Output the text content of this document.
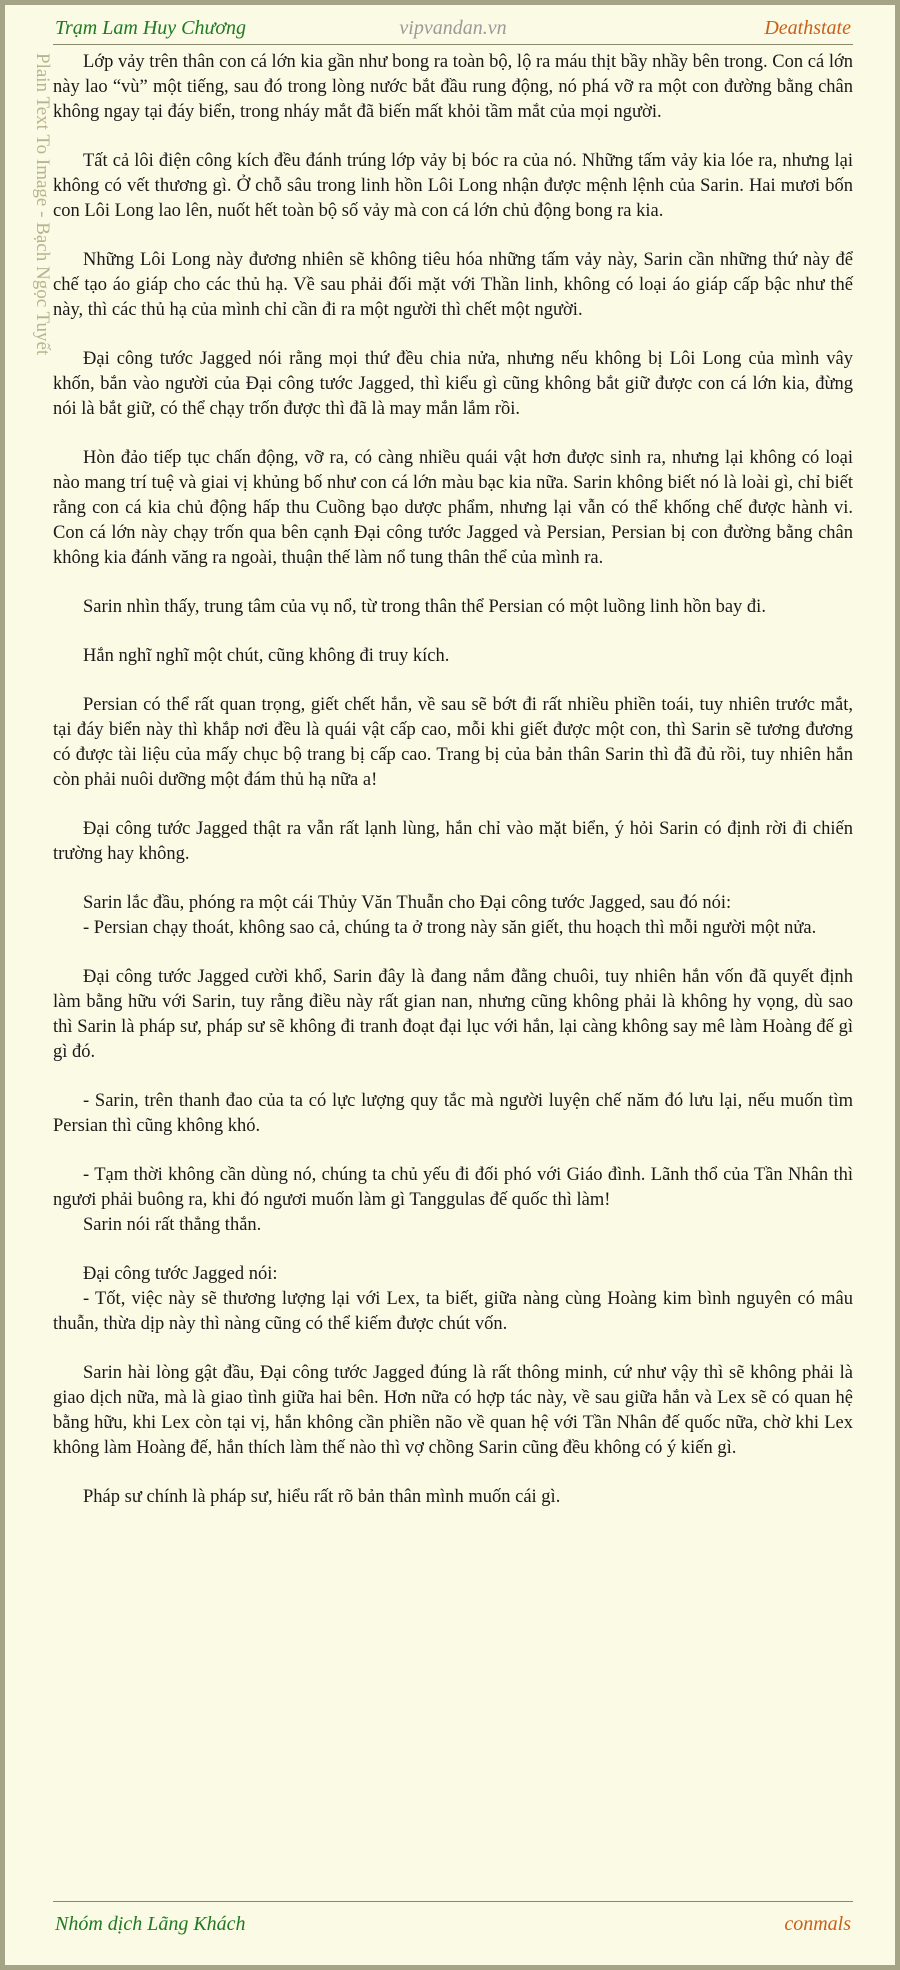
Trạm Lam Huy Chương	vipvandan.vn	Deathstate
Plain Text To Image - Bạch Ngọc Tuyết	Lớp vảy trên thân con cá lớn kia gần như bong ra toàn bộ, lộ ra máu thịt bầy nhầy bên trong. Con cá lớn này lao “vù” một tiếng, sau đó trong lòng nước bắt đầu rung động, nó phá vỡ ra một con đường bằng chân không ngay tại đáy biển, trong nháy mắt đã biến mất khỏi tầm mắt của mọi người.

Tất cả lôi điện công kích đều đánh trúng lớp vảy bị bóc ra của nó. Những tấm vảy kia lóe ra, nhưng lại không có vết thương gì. Ở chỗ sâu trong linh hồn Lôi Long nhận được mệnh lệnh của Sarin. Hai mươi bốn con Lôi Long lao lên, nuốt hết toàn bộ số vảy mà con cá lớn chủ động bong ra kia.

Những Lôi Long này đương nhiên sẽ không tiêu hóa những tấm vảy này, Sarin cần những thứ này để chế tạo áo giáp cho các thủ hạ. Về sau phải đối mặt với Thần linh, không có loại áo giáp cấp bậc như thế này, thì các thủ hạ của mình chỉ cần đi ra một người thì chết một người.

Đại công tước Jagged nói rằng mọi thứ đều chia nửa, nhưng nếu không bị Lôi Long của mình vây khốn, bắn vào người của Đại công tước Jagged, thì kiểu gì cũng không bắt giữ được con cá lớn kia, đừng nói là bắt giữ, có thể chạy trốn được thì đã là may mắn lắm rồi.

Hòn đảo tiếp tục chấn động, vỡ ra, có càng nhiều quái vật hơn được sinh ra, nhưng lại không có loại nào mang trí tuệ và giai vị khủng bố như con cá lớn màu bạc kia nữa. Sarin không biết nó là loài gì, chỉ biết rằng con cá kia chủ động hấp thu Cuồng bạo dược phẩm, nhưng lại vẫn có thể khống chế được hành vi. Con cá lớn này chạy trốn qua bên cạnh Đại công tước Jagged và Persian, Persian bị con đường bằng chân không kia đánh văng ra ngoài, thuận thế làm nổ tung thân thể của mình ra.

Sarin nhìn thấy, trung tâm của vụ nổ, từ trong thân thể Persian có một luồng linh hồn bay đi.

Hắn nghĩ nghĩ một chút, cũng không đi truy kích.

Persian có thể rất quan trọng, giết chết hắn, về sau sẽ bớt đi rất nhiều phiền toái, tuy nhiên trước mắt, tại đáy biển này thì khắp nơi đều là quái vật cấp cao, mỗi khi giết được một con, thì Sarin sẽ tương đương có được tài liệu của mấy chục bộ trang bị cấp cao. Trang bị của bản thân Sarin thì đã đủ rồi, tuy nhiên hắn còn phải nuôi dưỡng một đám thủ hạ nữa a!

Đại công tước Jagged thật ra vẫn rất lạnh lùng, hắn chỉ vào mặt biển, ý hỏi Sarin có định rời đi chiến trường hay không.

Sarin lắc đầu, phóng ra một cái Thủy Văn Thuẫn cho Đại công tước Jagged, sau đó nói:
- Persian chạy thoát, không sao cả, chúng ta ở trong này săn giết, thu hoạch thì mỗi người một nửa.

Đại công tước Jagged cười khổ, Sarin đây là đang nắm đằng chuôi, tuy nhiên hắn vốn đã quyết định làm bằng hữu với Sarin, tuy rằng điều này rất gian nan, nhưng cũng không phải là không hy vọng, dù sao thì Sarin là pháp sư, pháp sư sẽ không đi tranh đoạt đại lục với hắn, lại càng không say mê làm Hoàng đế gì gì đó.

- Sarin, trên thanh đao của ta có lực lượng quy tắc mà người luyện chế năm đó lưu lại, nếu muốn tìm Persian thì cũng không khó.

- Tạm thời không cần dùng nó, chúng ta chủ yếu đi đối phó với Giáo đình. Lãnh thổ của Tần Nhân thì ngươi phải buông ra, khi đó ngươi muốn làm gì Tanggulas đế quốc thì làm!
Sarin nói rất thẳng thắn.

Đại công tước Jagged nói:
- Tốt, việc này sẽ thương lượng lại với Lex, ta biết, giữa nàng cùng Hoàng kim bình nguyên có mâu thuẫn, thừa dịp này thì nàng cũng có thể kiếm được chút vốn.

Sarin hài lòng gật đầu, Đại công tước Jagged đúng là rất thông minh, cứ như vậy thì sẽ không phải là giao dịch nữa, mà là giao tình giữa hai bên. Hơn nữa có hợp tác này, về sau giữa hắn và Lex sẽ có quan hệ bằng hữu, khi Lex còn tại vị, hắn không cần phiền não về quan hệ với Tần Nhân đế quốc nữa, chờ khi Lex không làm Hoàng đế, hắn thích làm thế nào thì vợ chồng Sarin cũng đều không có ý kiến gì.

Pháp sư chính là pháp sư, hiểu rất rõ bản thân mình muốn cái gì.

Nhóm dịch Lãng Khách	conmals
